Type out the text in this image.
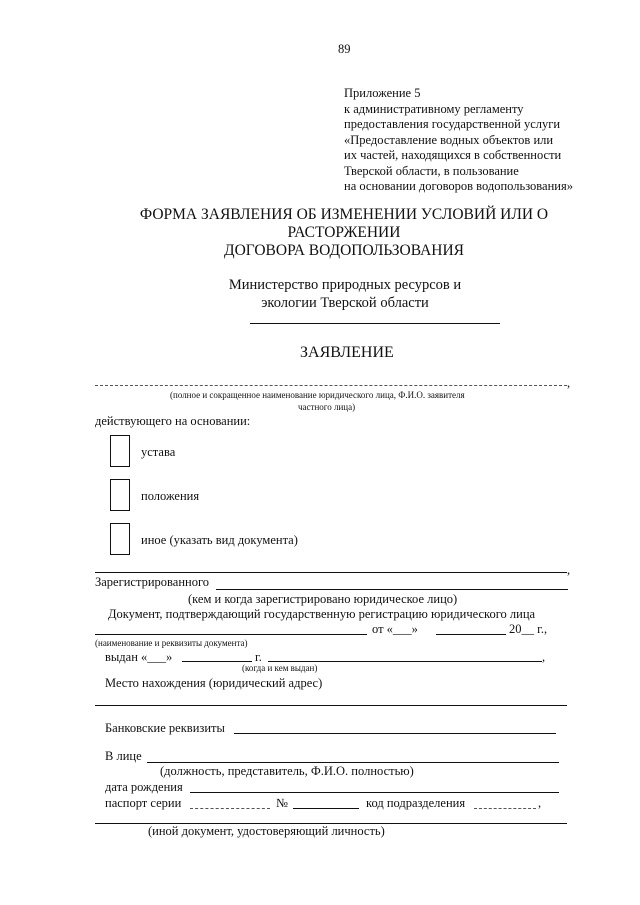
89
Приложение 5
к административному регламенту
предоставления государственной услуги
«Предоставление водных объектов или
их частей, находящихся в собственности
Тверской области, в пользование
на основании договоров водопользования»
ФОРМА ЗАЯВЛЕНИЯ ОБ ИЗМЕНЕНИИ УСЛОВИЙ ИЛИ О
РАСТОРЖЕНИИ
ДОГОВОРА ВОДОПОЛЬЗОВАНИЯ
Министерство природных ресурсов и
экологии Тверской области
ЗАЯВЛЕНИЕ
,
(полное и сокращенное наименование юридического лица, Ф.И.О. заявителя
частного лица)
действующего на основании:
устава
положения
иное (указать вид документа)
,
Зарегистрированного
(кем и когда зарегистрировано юридическое лицо)
Документ, подтверждающий государственную регистрацию юридического лица
от «___»	20__ г.,
(наименование и реквизиты документа)
выдан «___»	г.	,
(когда и кем выдан)
Место нахождения (юридический адрес)
Банковские реквизиты
В лице
(должность, представитель, Ф.И.О. полностью)
дата рождения
паспорт серии	№	код подразделения	,
(иной документ, удостоверяющий личность)
